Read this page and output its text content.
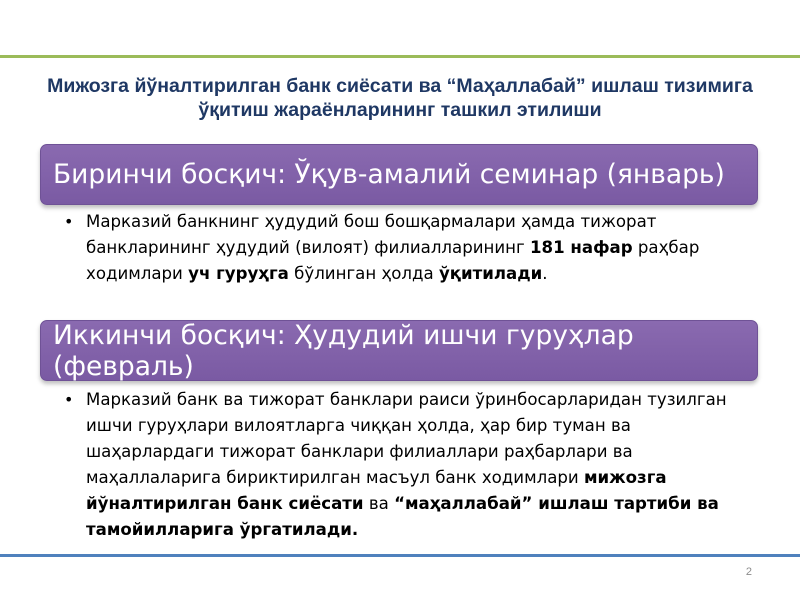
Мижозга йўналтирилган банк сиёсати ва “Маҳаллабай” ишлаш тизимига ўқитиш жараёнларининг ташкил этилиши
Биринчи босқич: Ўқув-амалий семинар (январь)
• Марказий банкнинг ҳудудий бош бошқармалари ҳамда тижорат банкларининг ҳудудий (вилоят) филиалларининг 181 нафар раҳбар ходимлари уч гуруҳга бўлинган ҳолда ўқитилади.
Иккинчи босқич: Ҳудудий ишчи гуруҳлар (февраль)
• Марказий банк ва тижорат банклари раиси ўринбосарларидан тузилган ишчи гуруҳлари вилоятларга чиққан ҳолда, ҳар бир туман ва шаҳарлардаги тижорат банклари филиаллари раҳбарлари ва маҳаллаларига бириктирилган масъул банк ходимлари мижозга йўналтирилган банк сиёсати ва “маҳаллабай” ишлаш тартиби ва тамойилларига ўргатилади.
2
